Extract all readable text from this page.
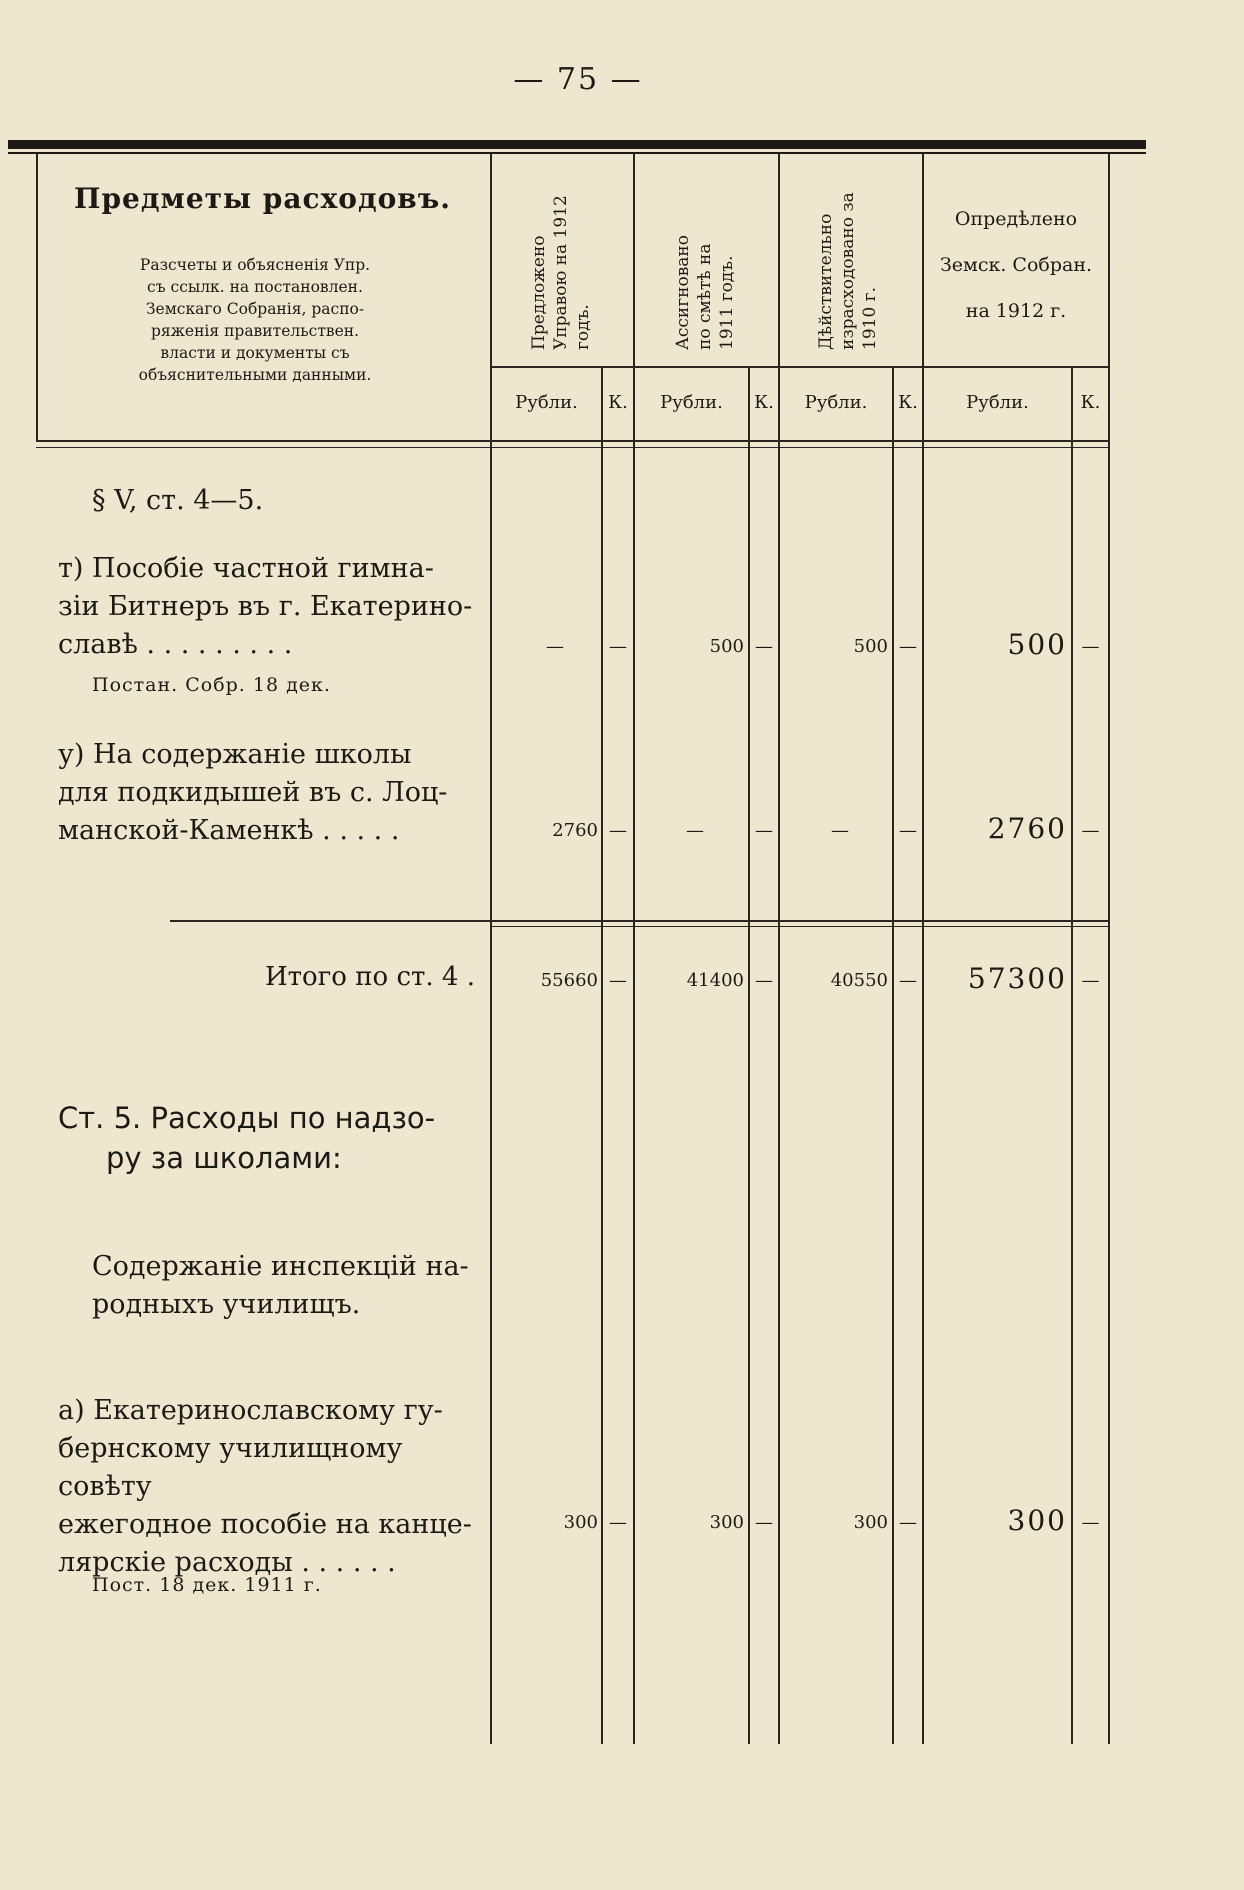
— 75 —
Предметы расходовъ.
Разсчеты и объясненія Упр.
съ ссылк. на постановлен.
Земскаго Собранія, распо-
ряженія правительствен.
власти и документы съ
объяснительными данными.
Предложено Управою на 1912 годъ.	Ассигновано по смѣтѣ на 1911 годъ.	Дѣйствительно израсходовано за 1910 г.
Опредѣлено
Земск. Собран.
на 1912 г.
Рубли.	К.	Рубли.	К.	Рубли.	К.	Рубли.	К.
§ V, ст. 4—5.
т) Пособіе частной гимна-
зіи Битнеръ въ г. Екатерино-
славѣ . . . . . . . . .
Постан. Собр. 18 дек.
—	—	500 —	500 —	500 —
у) На содержаніе школы
для подкидышей въ с. Лоц-
манской-Каменкѣ . . . . .	2760 —	—	—	—	—	2760 —
Итого по ст. 4 .	55660 —	41400 —	40550 —	57300 —
Ст. 5. Расходы по надзо-
ру за школами:
Содержаніе инспекцій на-
родныхъ училищъ.
а) Екатеринославскому гу-
бернскому училищному совѣту
ежегодное пособіе на канце-
лярскіе расходы . . . . . .
Пост. 18 дек. 1911 г.
300 —	300 —	300 —	300 —
